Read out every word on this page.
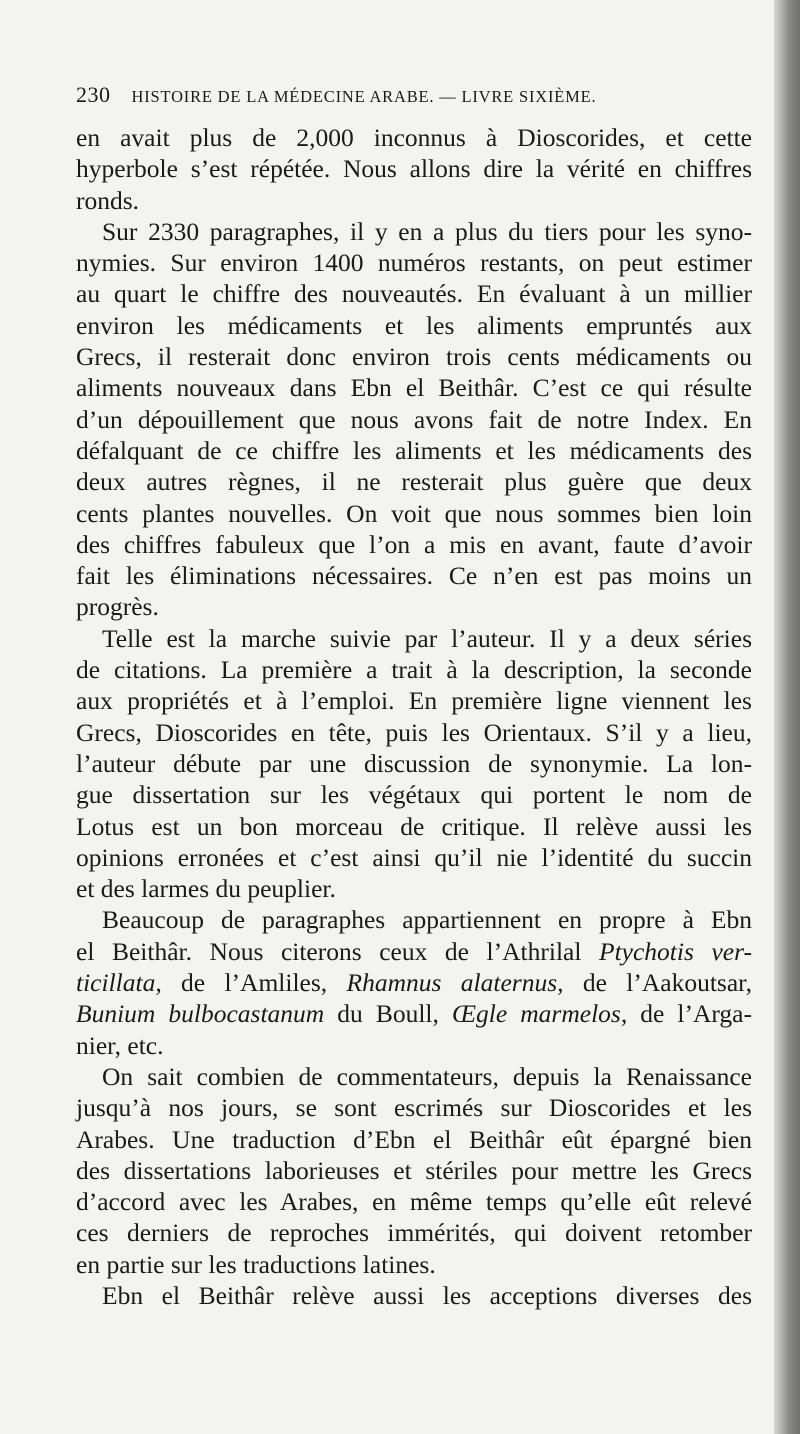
230 HISTOIRE DE LA MÉDECINE ARABE. — LIVRE SIXIÈME.
en avait plus de 2,000 inconnus à Dioscorides, et cette
hyperbole s’est répétée. Nous allons dire la vérité en chiffres
ronds.
Sur 2330 paragraphes, il y en a plus du tiers pour les syno-
nymies. Sur environ 1400 numéros restants, on peut estimer
au quart le chiffre des nouveautés. En évaluant à un millier
environ les médicaments et les aliments empruntés aux
Grecs, il resterait donc environ trois cents médicaments ou
aliments nouveaux dans Ebn el Beithâr. C’est ce qui résulte
d’un dépouillement que nous avons fait de notre Index. En
défalquant de ce chiffre les aliments et les médicaments des
deux autres règnes, il ne resterait plus guère que deux
cents plantes nouvelles. On voit que nous sommes bien loin
des chiffres fabuleux que l’on a mis en avant, faute d’avoir
fait les éliminations nécessaires. Ce n’en est pas moins un
progrès.
Telle est la marche suivie par l’auteur. Il y a deux séries
de citations. La première a trait à la description, la seconde
aux propriétés et à l’emploi. En première ligne viennent les
Grecs, Dioscorides en tête, puis les Orientaux. S’il y a lieu,
l’auteur débute par une discussion de synonymie. La lon-
gue dissertation sur les végétaux qui portent le nom de
Lotus est un bon morceau de critique. Il relève aussi les
opinions erronées et c’est ainsi qu’il nie l’identité du succin
et des larmes du peuplier.
Beaucoup de paragraphes appartiennent en propre à Ebn
el Beithâr. Nous citerons ceux de l’Athrilal Ptychotis ver-
ticillata, de l’Amliles, Rhamnus alaternus, de l’Aakoutsar,
Bunium bulbocastanum du Boull, Œgle marmelos, de l’Arga-
nier, etc.
On sait combien de commentateurs, depuis la Renaissance
jusqu’à nos jours, se sont escrimés sur Dioscorides et les
Arabes. Une traduction d’Ebn el Beithâr eût épargné bien
des dissertations laborieuses et stériles pour mettre les Grecs
d’accord avec les Arabes, en même temps qu’elle eût relevé
ces derniers de reproches immérités, qui doivent retomber
en partie sur les traductions latines.
Ebn el Beithâr relève aussi les acceptions diverses des
